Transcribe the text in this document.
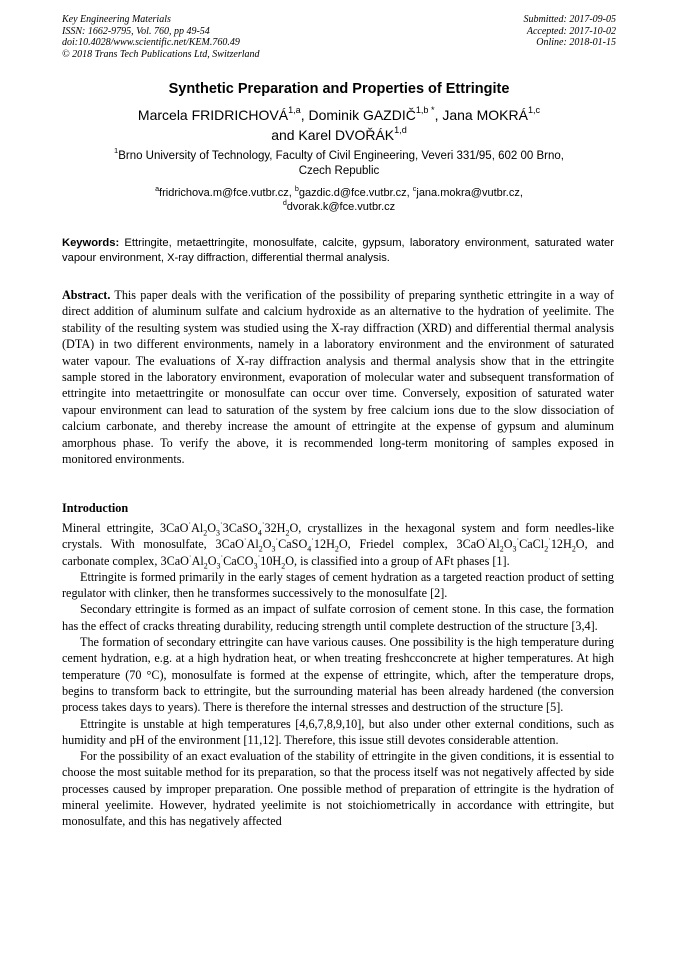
Key Engineering Materials
ISSN: 1662-9795, Vol. 760, pp 49-54
doi:10.4028/www.scientific.net/KEM.760.49
© 2018 Trans Tech Publications Ltd, Switzerland
Submitted: 2017-09-05
Accepted: 2017-10-02
Online: 2018-01-15
Synthetic Preparation and Properties of Ettringite
Marcela FRIDRICHOVÁ$^{1,a}$, Dominik $GAZDIČ^{1,b *}$, Jana MOKRÁ$^{1,c}$
and Karel DVOŘÁK$^{1,d}$
$^1$Brno University of Technology, Faculty of Civil Engineering, Veveri 331/95, 602 00 Brno,
Czech Republic
$^a$fridrichova.m@fce.vutbr.cz, $^b$gazdic.d@fce.vutbr.cz, $^c$jana.mokra@vutbr.cz,
$^d$dvorak.k@fce.vutbr.cz
Keywords: Ettringite, metaettringite, monosulfate, calcite, gypsum, laboratory environment, saturated water vapour environment, X-ray diffraction, differential thermal analysis.
Abstract. This paper deals with the verification of the possibility of preparing synthetic ettringite in a way of direct addition of aluminum sulfate and calcium hydroxide as an alternative to the hydration of yeelimite. The stability of the resulting system was studied using the X-ray diffraction (XRD) and differential thermal analysis (DTA) in two different environments, namely in a laboratory environment and the environment of saturated water vapour. The evaluations of X-ray diffraction analysis and thermal analysis show that in the ettringite sample stored in the laboratory environment, evaporation of molecular water and subsequent transformation of ettringite into metaettringite or monosulfate can occur over time. Conversely, exposition of saturated water vapour environment can lead to saturation of the system by free calcium ions due to the slow dissociation of calcium carbonate, and thereby increase the amount of ettringite at the expense of gypsum and aluminum amorphous phase. To verify the above, it is recommended long-term monitoring of samples exposed in monitored environments.
Introduction

Mineral ettringite, $3CaO^\cdot Al_2O_3^\cdot 3CaSO_4^\cdot 32H_2O$, crystallizes in the hexagonal system and form needles-like crystals. With monosulfate, $3CaO^\cdot Al_2O_3^\cdot CaSO_4^\cdot 12H_2O$, Friedel complex, $3CaO^\cdot Al_2O_3^\cdot CaCl_2^\cdot 12H_2O$, and carbonate complex, $3CaO^\cdot Al_2O_3^\cdot CaCO_3^\cdot 10H_2O$, is classified into a group of AFt phases [1].

Ettringite is formed primarily in the early stages of cement hydration as a targeted reaction product of setting regulator with clinker, then he transformes successively to the monosulfate [2].

Secondary ettringite is formed as an impact of sulfate corrosion of cement stone. In this case, the formation has the effect of cracks threating durability, reducing strength until complete destruction of the structure [3,4].

The formation of secondary ettringite can have various causes. One possibility is the high temperature during cement hydration, e.g. at a high hydration heat, or when treating freshcconcrete at higher temperatures. At high temperature (70 °C), monosulfate is formed at the expense of ettringite, which, after the temperature drops, begins to transform back to ettringite, but the surrounding material has been already hardened (the conversion process takes days to years). There is therefore the internal stresses and destruction of the structure [5].

Ettringite is unstable at high temperatures [4,6,7,8,9,10], but also under other external conditions, such as humidity and pH of the environment [11,12]. Therefore, this issue still devotes considerable attention.

For the possibility of an exact evaluation of the stability of ettringite in the given conditions, it is essential to choose the most suitable method for its preparation, so that the process itself was not negatively affected by side processes caused by improper preparation. One possible method of preparation of ettringite is the hydration of mineral yeelimite. However, hydrated yeelimite is not stoichiometrically in accordance with ettringite, but monosulfate, and this has negatively affected
